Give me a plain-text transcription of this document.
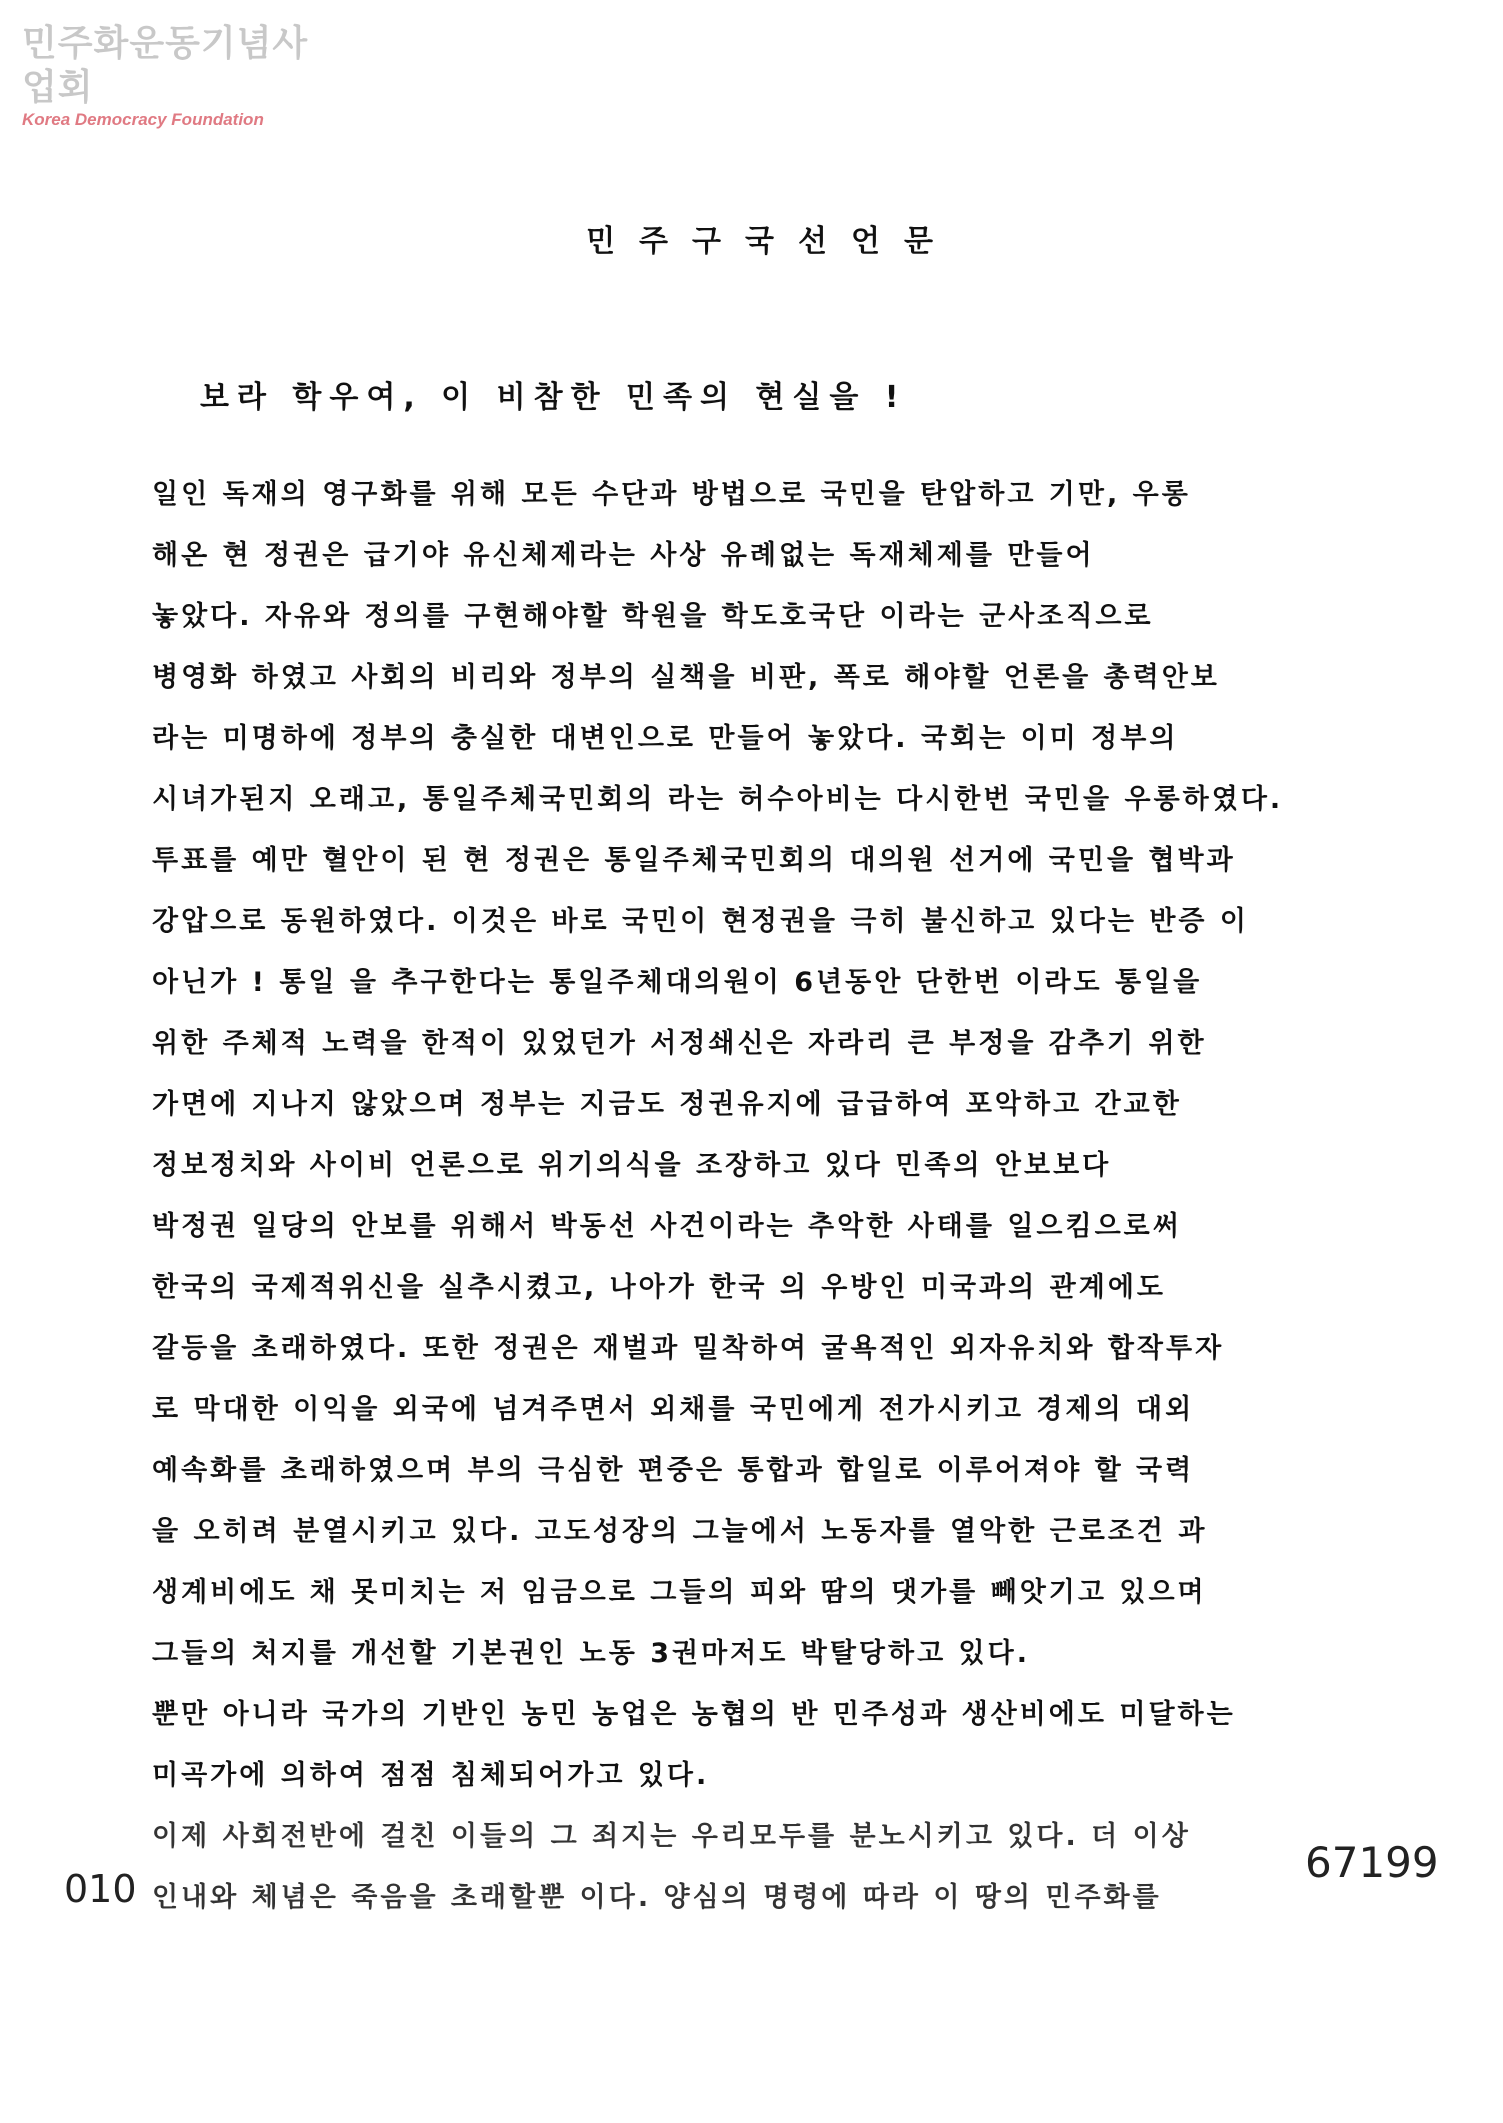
민주화운동기념사업회
Korea Democracy Foundation
민주구국선언문
보라 학우여, 이 비참한 민족의 현실을 !
일인 독재의 영구화를 위해 모든 수단과 방법으로 국민을 탄압하고 기만, 우롱
해온 현 정권은 급기야 유신체제라는 사상 유례없는 독재체제를 만들어
놓았다. 자유와 정의를 구현해야할 학원을 학도호국단 이라는 군사조직으로
병영화 하였고 사회의 비리와 정부의 실책을 비판, 폭로 해야할 언론을 총력안보
라는 미명하에 정부의 충실한 대변인으로 만들어 놓았다. 국회는 이미 정부의
시녀가된지 오래고, 통일주체국민회의 라는 허수아비는 다시한번 국민을 우롱하였다.
투표를 예만 혈안이 된 현 정권은 통일주체국민회의 대의원 선거에 국민을 협박과
강압으로 동원하였다. 이것은 바로 국민이 현정권을 극히 불신하고 있다는 반증 이
아닌가 ! 통일 을 추구한다는 통일주체대의원이 6년동안 단한번 이라도 통일을
위한 주체적 노력을 한적이 있었던가 서정쇄신은 자라리 큰 부정을 감추기 위한
가면에 지나지 않았으며 정부는 지금도 정권유지에 급급하여 포악하고 간교한
정보정치와 사이비 언론으로 위기의식을 조장하고 있다 민족의 안보보다
박정권 일당의 안보를 위해서 박동선 사건이라는 추악한 사태를 일으킴으로써
한국의 국제적위신을 실추시켰고, 나아가 한국 의 우방인 미국과의 관계에도
갈등을 초래하였다. 또한 정권은 재벌과 밀착하여 굴욕적인 외자유치와 합작투자
로 막대한 이익을 외국에 넘겨주면서 외채를 국민에게 전가시키고 경제의 대외
예속화를 초래하였으며 부의 극심한 편중은 통합과 합일로 이루어져야 할 국력
을 오히려 분열시키고 있다. 고도성장의 그늘에서 노동자를 열악한 근로조건 과
생계비에도 채 못미치는 저 임금으로 그들의 피와 땀의 댓가를 빼앗기고 있으며
그들의 처지를 개선할 기본권인 노동 3권마저도 박탈당하고 있다.
뿐만 아니라 국가의 기반인 농민 농업은 농협의 반 민주성과 생산비에도 미달하는
미곡가에 의하여 점점 침체되어가고 있다.
이제 사회전반에 걸친 이들의 그 죄지는 우리모두를 분노시키고 있다. 더 이상
인내와 체념은 죽음을 초래할뿐 이다. 양심의 명령에 따라 이 땅의 민주화를
010
67199
